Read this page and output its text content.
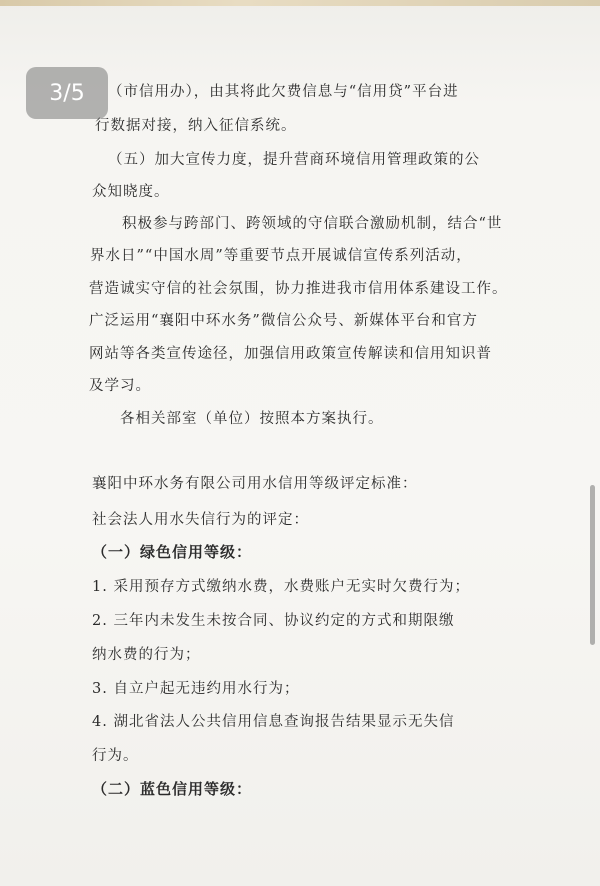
（市信用办），由其将此欠费信息与“信用贷”平台进
行数据对接，纳入征信系统。
（五）加大宣传力度，提升营商环境信用管理政策的公
众知晓度。
积极参与跨部门、跨领域的守信联合激励机制，结合“世
界水日”“中国水周”等重要节点开展诚信宣传系列活动，
营造诚实守信的社会氛围，协力推进我市信用体系建设工作。
广泛运用“襄阳中环水务”微信公众号、新媒体平台和官方
网站等各类宣传途径，加强信用政策宣传解读和信用知识普
及学习。
各相关部室（单位）按照本方案执行。
襄阳中环水务有限公司用水信用等级评定标准：
社会法人用水失信行为的评定：
（一）绿色信用等级：
1. 采用预存方式缴纳水费，水费账户无实时欠费行为；
2. 三年内未发生未按合同、协议约定的方式和期限缴
纳水费的行为；
3. 自立户起无违约用水行为；
4. 湖北省法人公共信用信息查询报告结果显示无失信
行为。
（二）蓝色信用等级：
3/5
